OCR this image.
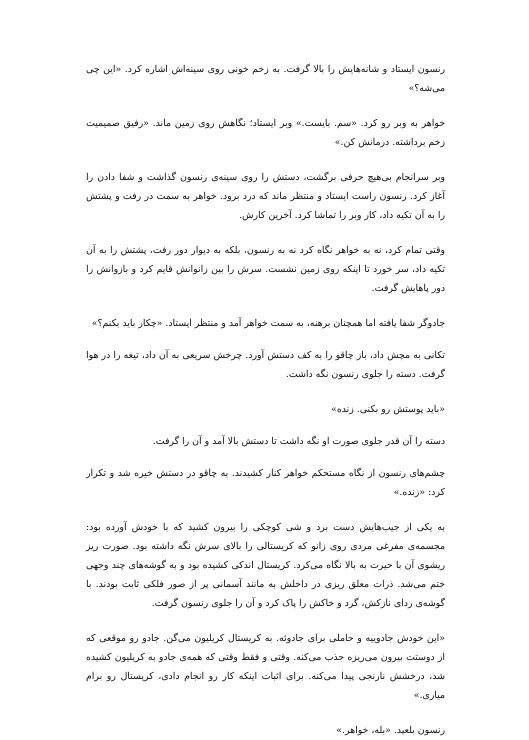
رنسون ایستاد و شانه‌هایش را بالا گرفت. به زخم خونی روی سینه‌اش اشاره کرد. «این چی می‌شه؟»

خواهر به وبر رو کرد. «سم. بایست.» وبر ایستاد؛ نگاهش روی زمین ماند. «رفیق صمیمیت زخم برداشته. درمانش کن.»

وبر سرانجام بی‌هیچ حرفی برگشت، دستش را روی سینه‌ی رنسون گذاشت و شفا دادن را آغاز کرد. رنسون راست ایستاد و منتظر ماند که درد برود. خواهر به سمت در رفت و پشتش را به آن تکیه داد، کار وبر را تماشا کرد. آخرین کارش.

وقتی تمام کرد، نه به خواهر نگاه کرد نه به رنسون، بلکه به دیوار دور رفت، پشتش را به آن تکیه داد، سر خورد تا اینکه روی زمین نشست. سرش را بین زانوانش قایم کرد و بازوانش را دور پاهایش گرفت.

جادوگر شفا یافته اما همچنان برهنه، به سمت خواهر آمد و منتظر ایستاد. «چکار باید بکنم؟»

تکانی به مچش داد، باز چاقو را به کف دستش آورد. چرخش سریعی به آن داد، تیغه را در هوا گرفت. دسته را جلوی رنسون نگه داشت.

«باید پوستش رو بکنی. زنده»

دسته را آن قدر جلوی صورت او نگه داشت تا دستش بالا آمد و آن را گرفت.

چشم‌های رنسون از نگاه مستحکم خواهر کنار کشیدند. به چاقو در دستش خیره شد و تکرار کرد: «زنده.»

به یکی از جیب‌هایش دست برد و شی کوچکی را بیرون کشید که با خودش آورده بود: مجسمه‌ی مفرغی مردی روی زانو که کریستالی را بالای سرش نگه داشته بود. صورت ریز ریشوی آن با حیرت به بالا نگاه می‌کرد. کریستال اندکی کشیده بود و به گوشه‌های چند وجهی ختم می‌شد. ذرات معلق ریزی در داخلش به مانند آسمانی پر از صور فلکی ثابت بودند. با گوشه‌ی ردای نازکش، گرد و خاکش را پاک کرد و آن را جلوی رنسون گرفت.

«این خودش جادوییه و حاملی برای جادوئه. به کریستال کریلیون می‌گن. جادو رو موقعی که از دوستت بیرون می‌ریزه جذب می‌کنه. وقتی و فقط وقتی که همه‌ی جادو به کریلیون کشیده شد، درخشش نارنجی پیدا می‌کنه. برای اثبات اینکه کار رو انجام دادی، کریستال رو برام میاری.»

رنسون بلعید. «بله، خواهر.»
